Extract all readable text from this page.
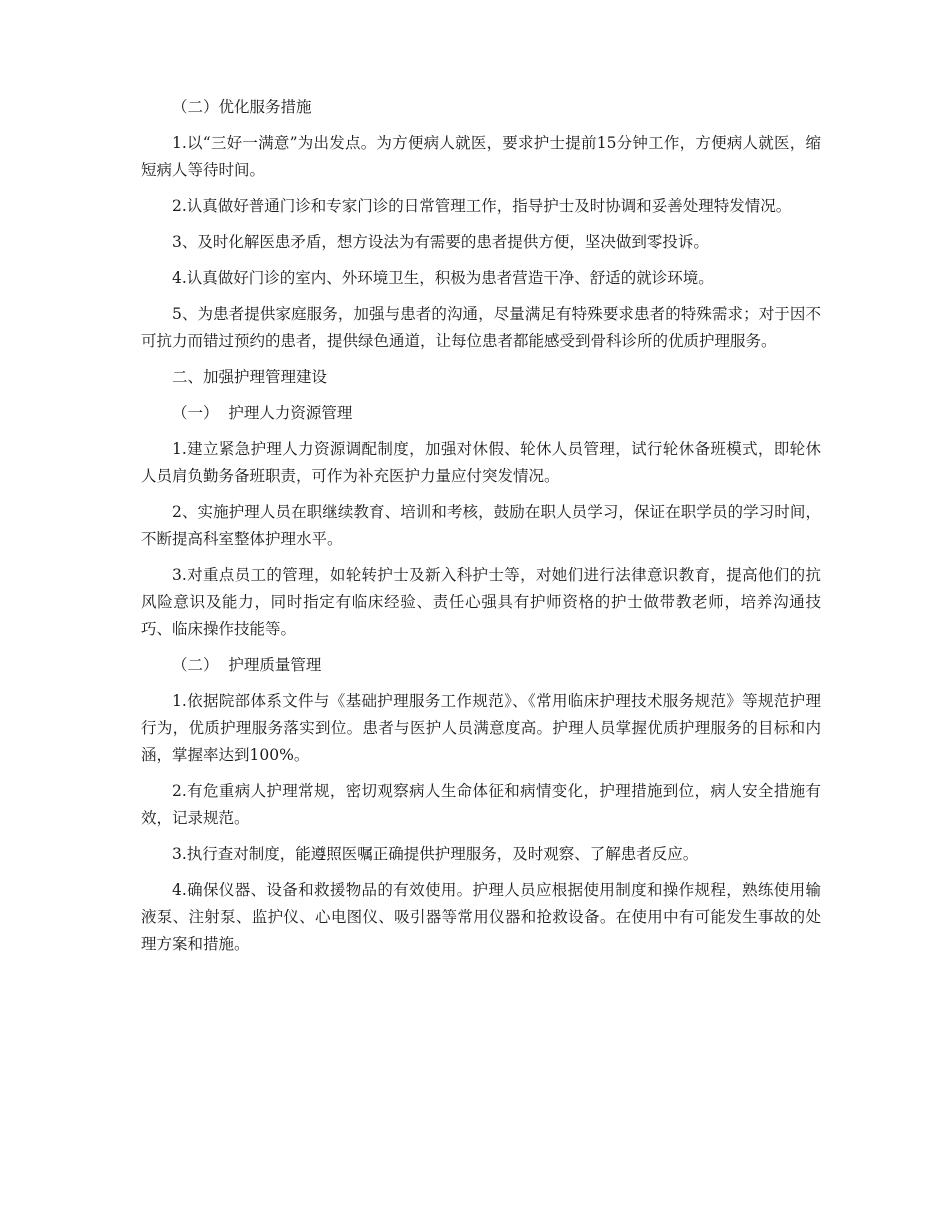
（二）优化服务措施

1.以“三好一满意”为出发点。为方便病人就医，要求护士提前15分钟工作，方便病人就医，缩短病人等待时间。

2.认真做好普通门诊和专家门诊的日常管理工作，指导护士及时协调和妥善处理特发情况。

3、及时化解医患矛盾，想方设法为有需要的患者提供方便，坚决做到零投诉。

4.认真做好门诊的室内、外环境卫生，积极为患者营造干净、舒适的就诊环境。

5、为患者提供家庭服务，加强与患者的沟通，尽量满足有特殊要求患者的特殊需求；对于因不可抗力而错过预约的患者，提供绿色通道，让每位患者都能感受到骨科诊所的优质护理服务。

二、加强护理管理建设

（一）  护理人力资源管理

1.建立紧急护理人力资源调配制度，加强对休假、轮休人员管理，试行轮休备班模式，即轮休人员肩负勤务备班职责，可作为补充医护力量应付突发情况。

2、实施护理人员在职继续教育、培训和考核，鼓励在职人员学习，保证在职学员的学习时间，不断提高科室整体护理水平。

3.对重点员工的管理，如轮转护士及新入科护士等，对她们进行法律意识教育，提高他们的抗风险意识及能力，同时指定有临床经验、责任心强具有护师资格的护士做带教老师，培养沟通技巧、临床操作技能等。

（二）  护理质量管理

1.依据院部体系文件与《基础护理服务工作规范》、《常用临床护理技术服务规范》等规范护理行为，优质护理服务落实到位。患者与医护人员满意度高。护理人员掌握优质护理服务的目标和内涵，掌握率达到100%。

2.有危重病人护理常规，密切观察病人生命体征和病情变化，护理措施到位，病人安全措施有效，记录规范。

3.执行查对制度，能遵照医嘱正确提供护理服务，及时观察、了解患者反应。

4.确保仪器、设备和救援物品的有效使用。护理人员应根据使用制度和操作规程，熟练使用输液泵、注射泵、监护仪、心电图仪、吸引器等常用仪器和抢救设备。在使用中有可能发生事故的处理方案和措施。
